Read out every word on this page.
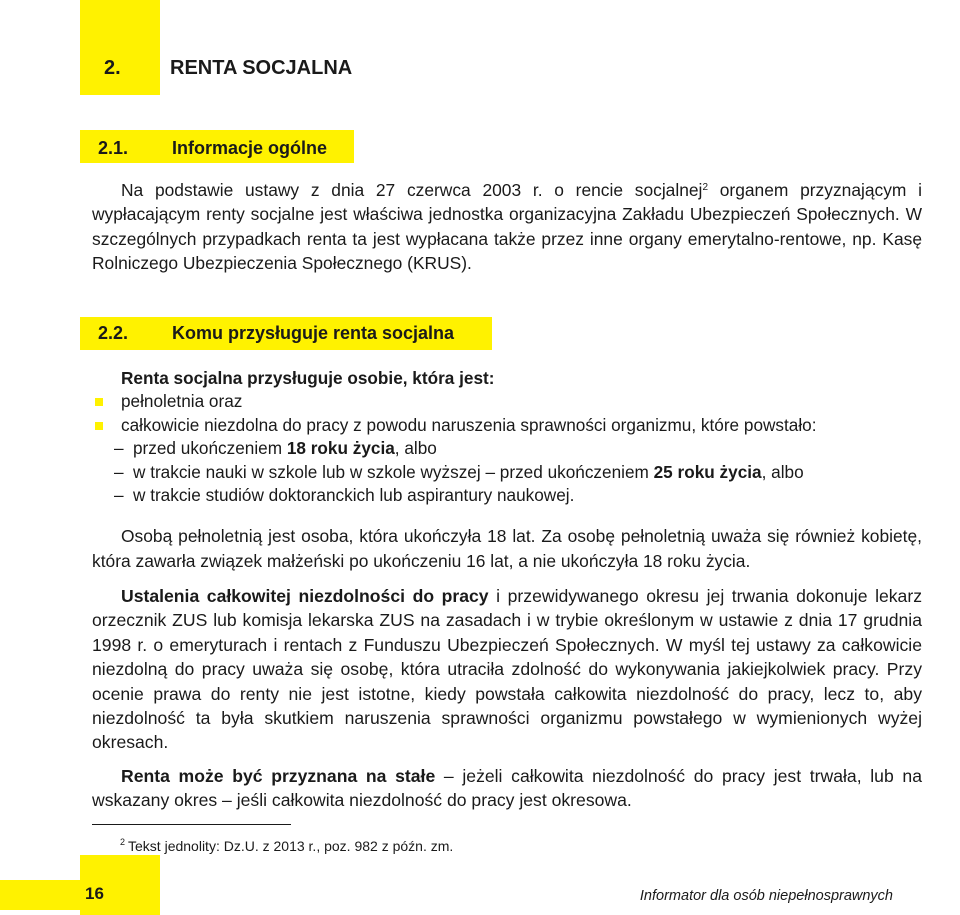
2. RENTA SOCJALNA
2.1. Informacje ogólne
Na podstawie ustawy z dnia 27 czerwca 2003 r. o rencie socjalnej$^2$ organem przyznającym i wypłacającym renty socjalne jest właściwa jednostka organizacyjna Zakładu Ubezpieczeń Społecznych. W szczególnych przypadkach renta ta jest wypłacana także przez inne organy emerytalno-rentowe, np. Kasę Rolniczego Ubezpieczenia Społecznego (KRUS).
2.2. Komu przysługuje renta socjalna
Renta socjalna przysługuje osobie, która jest:
pełnoletnia oraz
całkowicie niezdolna do pracy z powodu naruszenia sprawności organizmu, które powstało:
– przed ukończeniem 18 roku życia, albo
– w trakcie nauki w szkole lub w szkole wyższej – przed ukończeniem 25 roku życia, albo
– w trakcie studiów doktoranckich lub aspirantury naukowej.
Osobą pełnoletnią jest osoba, która ukończyła 18 lat. Za osobę pełnoletnią uważa się również kobietę, która zawarła związek małżeński po ukończeniu 16 lat, a nie ukończyła 18 roku życia.
Ustalenia całkowitej niezdolności do pracy i przewidywanego okresu jej trwania dokonuje lekarz orzecznik ZUS lub komisja lekarska ZUS na zasadach i w trybie określonym w ustawie z dnia 17 grudnia 1998 r. o emeryturach i rentach z Funduszu Ubezpieczeń Społecznych. W myśl tej ustawy za całkowicie niezdolną do pracy uważa się osobę, która utraciła zdolność do wykonywania jakiejkolwiek pracy. Przy ocenie prawa do renty nie jest istotne, kiedy powstała całkowita niezdolność do pracy, lecz to, aby niezdolność ta była skutkiem naruszenia sprawności organizmu powstałego w wymienionych wyżej okresach.
Renta może być przyznana na stałe – jeżeli całkowita niezdolność do pracy jest trwała, lub na wskazany okres – jeśli całkowita niezdolność do pracy jest okresowa.
$^2$ Tekst jednolity: Dz.U. z 2013 r., poz. 982 z późn. zm.
16	Informator dla osób niepełnosprawnych
